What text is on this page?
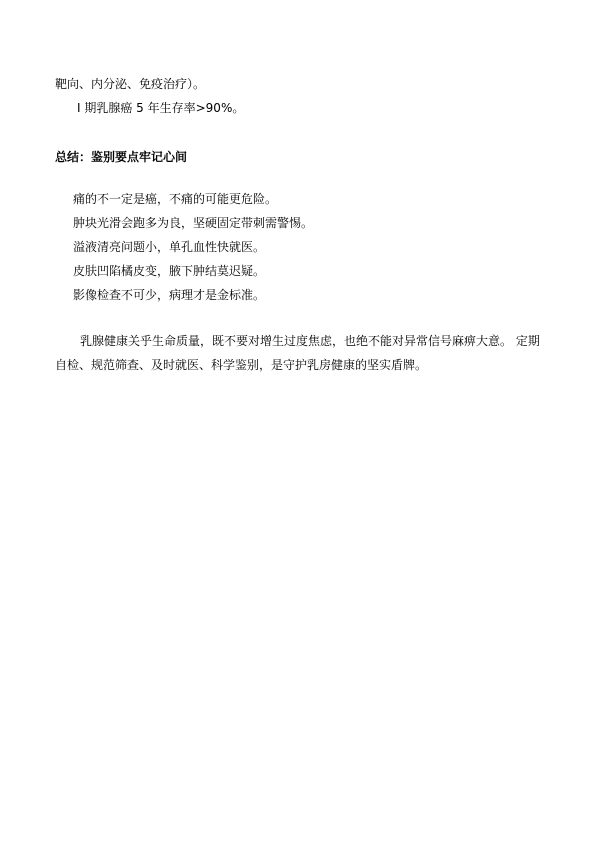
靶向、内分泌、免疫治疗）。
I 期乳腺癌 5 年生存率>90%。
总结：鉴别要点牢记心间
痛的不一定是癌，不痛的可能更危险。
肿块光滑会跑多为良，坚硬固定带刺需警惕。
溢液清亮问题小，单孔血性快就医。
皮肤凹陷橘皮变，腋下肿结莫迟疑。
影像检查不可少，病理才是金标准。
乳腺健康关乎生命质量，既不要对增生过度焦虑，也绝不能对异常信号麻痹大意。 定期
自检、规范筛查、及时就医、科学鉴别，是守护乳房健康的坚实盾牌。
